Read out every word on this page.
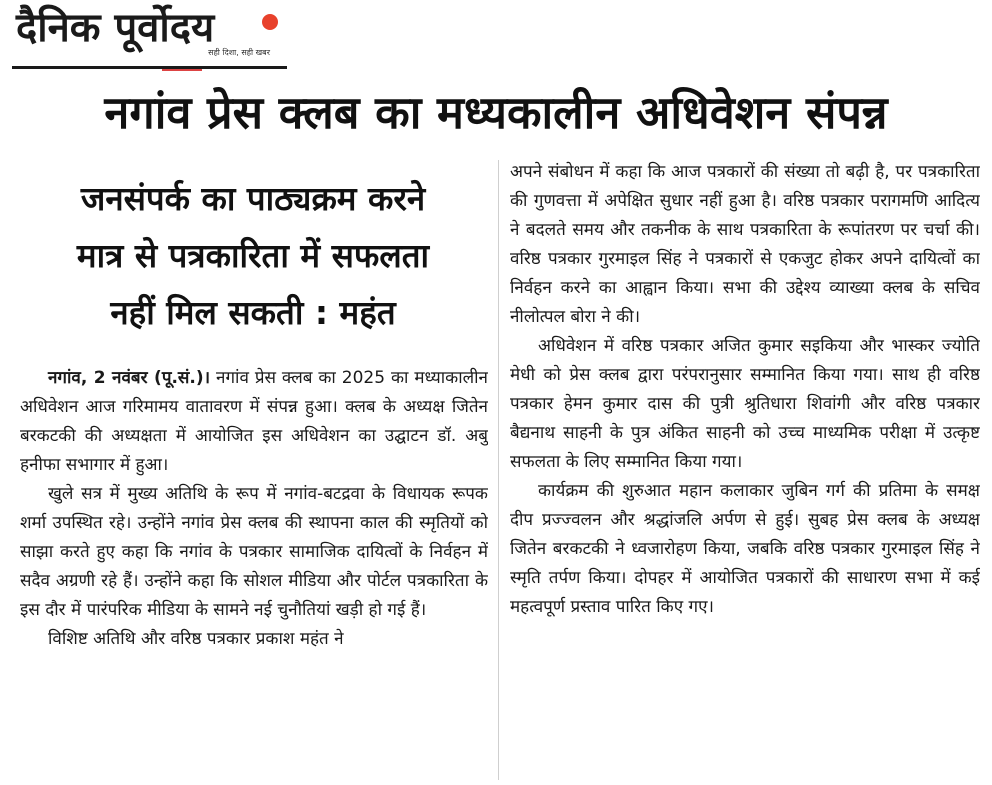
दैनिक पूर्वोदय
सही दिशा, सही खबर
नगांव प्रेस क्लब का मध्यकालीन अधिवेशन संपन्न
जनसंपर्क का पाठ्यक्रम करने
मात्र से पत्रकारिता में सफलता
नहीं मिल सकती : महंत

नगांव, 2 नवंबर (पू.सं.)। नगांव प्रेस क्लब का 2025 का मध्याकालीन अधिवेशन आज गरिमामय वातावरण में संपन्न हुआ। क्लब के अध्यक्ष जितेन बरकटकी की अध्यक्षता में आयोजित इस अधिवेशन का उद्घाटन डॉ. अबु हनीफा सभागार में हुआ।

खुले सत्र में मुख्य अतिथि के रूप में नगांव-बटद्रवा के विधायक रूपक शर्मा उपस्थित रहे। उन्होंने नगांव प्रेस क्लब की स्थापना काल की स्मृतियों को साझा करते हुए कहा कि नगांव के पत्रकार सामाजिक दायित्वों के निर्वहन में सदैव अग्रणी रहे हैं। उन्होंने कहा कि सोशल मीडिया और पोर्टल पत्रकारिता के इस दौर में पारंपरिक मीडिया के सामने नई चुनौतियां खड़ी हो गई हैं।

विशिष्ट अतिथि और वरिष्ठ पत्रकार प्रकाश महंत ने

अपने संबोधन में कहा कि आज पत्रकारों की संख्या तो बढ़ी है, पर पत्रकारिता की गुणवत्ता में अपेक्षित सुधार नहीं हुआ है। वरिष्ठ पत्रकार परागमणि आदित्य ने बदलते समय और तकनीक के साथ पत्रकारिता के रूपांतरण पर चर्चा की। वरिष्ठ पत्रकार गुरमाइल सिंह ने पत्रकारों से एकजुट होकर अपने दायित्वों का निर्वहन करने का आह्वान किया। सभा की उद्देश्य व्याख्या क्लब के सचिव नीलोत्पल बोरा ने की।

अधिवेशन में वरिष्ठ पत्रकार अजित कुमार सइकिया और भास्कर ज्योति मेधी को प्रेस क्लब द्वारा परंपरानुसार सम्मानित किया गया। साथ ही वरिष्ठ पत्रकार हेमन कुमार दास की पुत्री श्रुतिधारा शिवांगी और वरिष्ठ पत्रकार बैद्यनाथ साहनी के पुत्र अंकित साहनी को उच्च माध्यमिक परीक्षा में उत्कृष्ट सफलता के लिए सम्मानित किया गया।

कार्यक्रम की शुरुआत महान कलाकार जुबिन गर्ग की प्रतिमा के समक्ष दीप प्रज्ज्वलन और श्रद्धांजलि अर्पण से हुई। सुबह प्रेस क्लब के अध्यक्ष जितेन बरकटकी ने ध्वजारोहण किया, जबकि वरिष्ठ पत्रकार गुरमाइल सिंह ने स्मृति तर्पण किया। दोपहर में आयोजित पत्रकारों की साधारण सभा में कई महत्वपूर्ण प्रस्ताव पारित किए गए।
